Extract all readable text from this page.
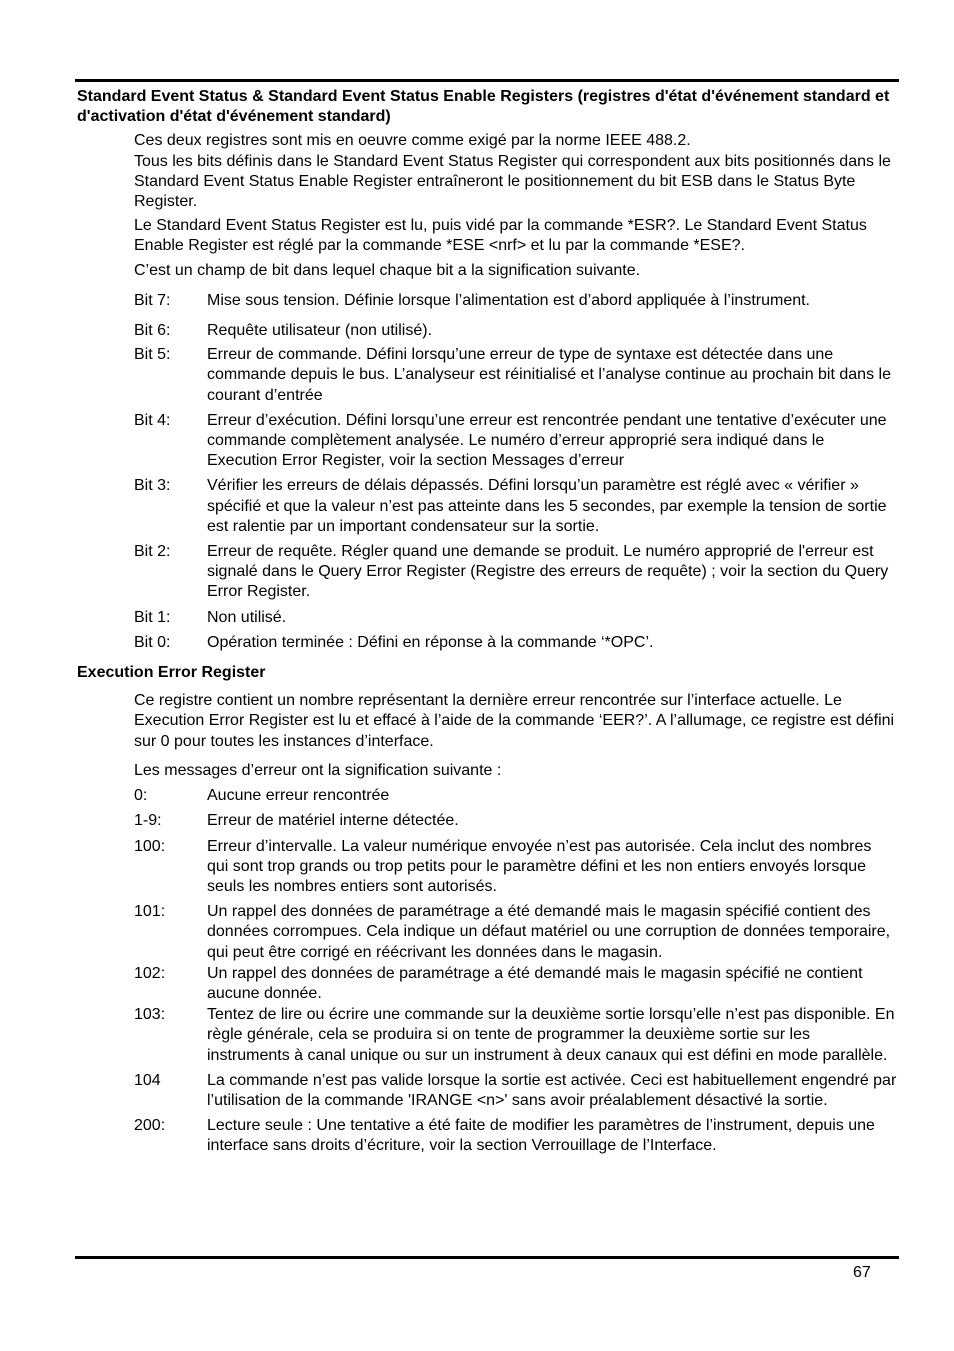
Standard Event Status & Standard Event Status Enable Registers (registres d'état d'événement standard et d'activation d'état d'événement standard)

Ces deux registres sont mis en oeuvre comme exigé par la norme IEEE 488.2.

Tous les bits définis dans le Standard Event Status Register qui correspondent aux bits positionnés dans le Standard Event Status Enable Register entraîneront le positionnement du bit ESB dans le Status Byte Register.

Le Standard Event Status Register est lu, puis vidé par la commande *ESR?. Le Standard Event Status Enable Register est réglé par la commande *ESE <nrf> et lu par la commande *ESE?.

C’est un champ de bit dans lequel chaque bit a la signification suivante.

Bit 7:	Mise sous tension. Définie lorsque l’alimentation est d’abord appliquée à l’instrument.
Bit 6:	Requête utilisateur (non utilisé).
Bit 5:	Erreur de commande. Défini lorsqu’une erreur de type de syntaxe est détectée dans une commande depuis le bus. L’analyseur est réinitialisé et l’analyse continue au prochain bit dans le courant d’entrée
Bit 4:	Erreur d’exécution. Défini lorsqu’une erreur est rencontrée pendant une tentative d’exécuter une commande complètement analysée. Le numéro d’erreur approprié sera indiqué dans le Execution Error Register, voir la section Messages d’erreur
Bit 3:	Vérifier les erreurs de délais dépassés. Défini lorsqu’un paramètre est réglé avec « vérifier » spécifié et que la valeur n’est pas atteinte dans les 5 secondes, par exemple la tension de sortie est ralentie par un important condensateur sur la sortie.
Bit 2:	Erreur de requête. Régler quand une demande se produit. Le numéro approprié de l'erreur est signalé dans le Query Error Register (Registre des erreurs de requête) ; voir la section du Query Error Register.
Bit 1:	Non utilisé.
Bit 0:	Opération terminée : Défini en réponse à la commande ‘*OPC’.
Execution Error Register

Ce registre contient un nombre représentant la dernière erreur rencontrée sur l’interface actuelle. Le Execution Error Register est lu et effacé à l’aide de la commande ‘EER?’. A l’allumage, ce registre est défini sur 0 pour toutes les instances d’interface.

Les messages d’erreur ont la signification suivante :

0:	Aucune erreur rencontrée
1-9:	Erreur de matériel interne détectée.
100:	Erreur d’intervalle. La valeur numérique envoyée n’est pas autorisée. Cela inclut des nombres qui sont trop grands ou trop petits pour le paramètre défini et les non entiers envoyés lorsque seuls les nombres entiers sont autorisés.
101:	Un rappel des données de paramétrage a été demandé mais le magasin spécifié contient des données corrompues. Cela indique un défaut matériel ou une corruption de données temporaire, qui peut être corrigé en réécrivant les données dans le magasin.
102:	Un rappel des données de paramétrage a été demandé mais le magasin spécifié ne contient aucune donnée.
103:	Tentez de lire ou écrire une commande sur la deuxième sortie lorsqu’elle n’est pas disponible. En règle générale, cela se produira si on tente de programmer la deuxième sortie sur les instruments à canal unique ou sur un instrument à deux canaux qui est défini en mode parallèle.
104	La commande n’est pas valide lorsque la sortie est activée. Ceci est habituellement engendré par l’utilisation de la commande 'IRANGE <n>' sans avoir préalablement désactivé la sortie.
200:	Lecture seule : Une tentative a été faite de modifier les paramètres de l’instrument, depuis une interface sans droits d’écriture, voir la section Verrouillage de l’Interface.
67
